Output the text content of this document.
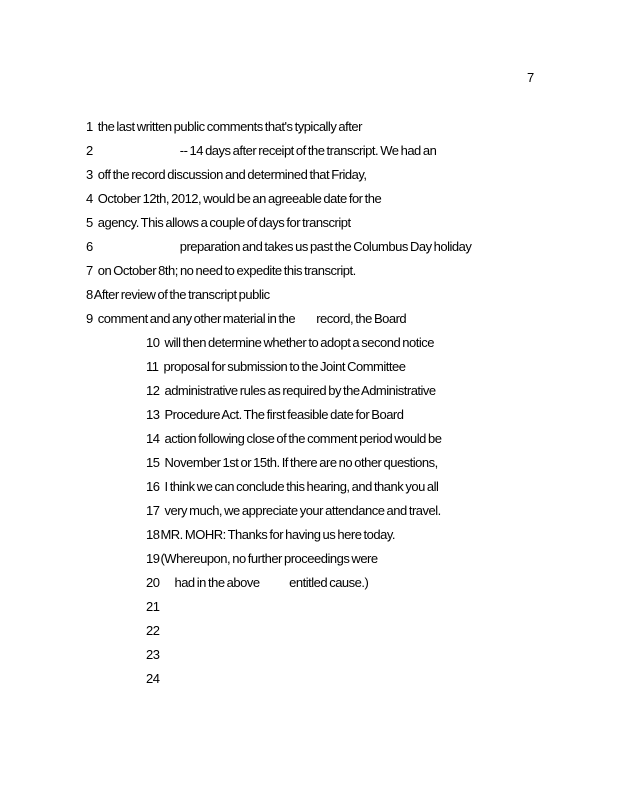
7
1 the last written public comments that's typically after
2	-- 14 days after receipt of the transcript. We had an
3 off the record discussion and determined that Friday,
4 October 12th, 2012, would be an agreeable date for the
5 agency. This allows a couple of days for transcript
6	preparation and takes us past the Columbus Day holiday
7 on October 8th; no need to expedite this transcript.
8After review of the transcript public
9 comment and any other material in the          record, the Board
10 will then determine whether to adopt a second notice
11 proposal for submission to the Joint Committee
12 administrative rules as required by the Administrative
13 Procedure Act. The first feasible date for Board
14 action following close of the comment period would be
15 November 1st or 15th. If there are no other questions,
16 I think we can conclude this hearing, and thank you all
17 very much, we appreciate your attendance and travel.
18MR. MOHR: Thanks for having us here today.
19(Whereupon, no further proceedings were
20 had in the above              entitled cause.)
21
22
23
24
